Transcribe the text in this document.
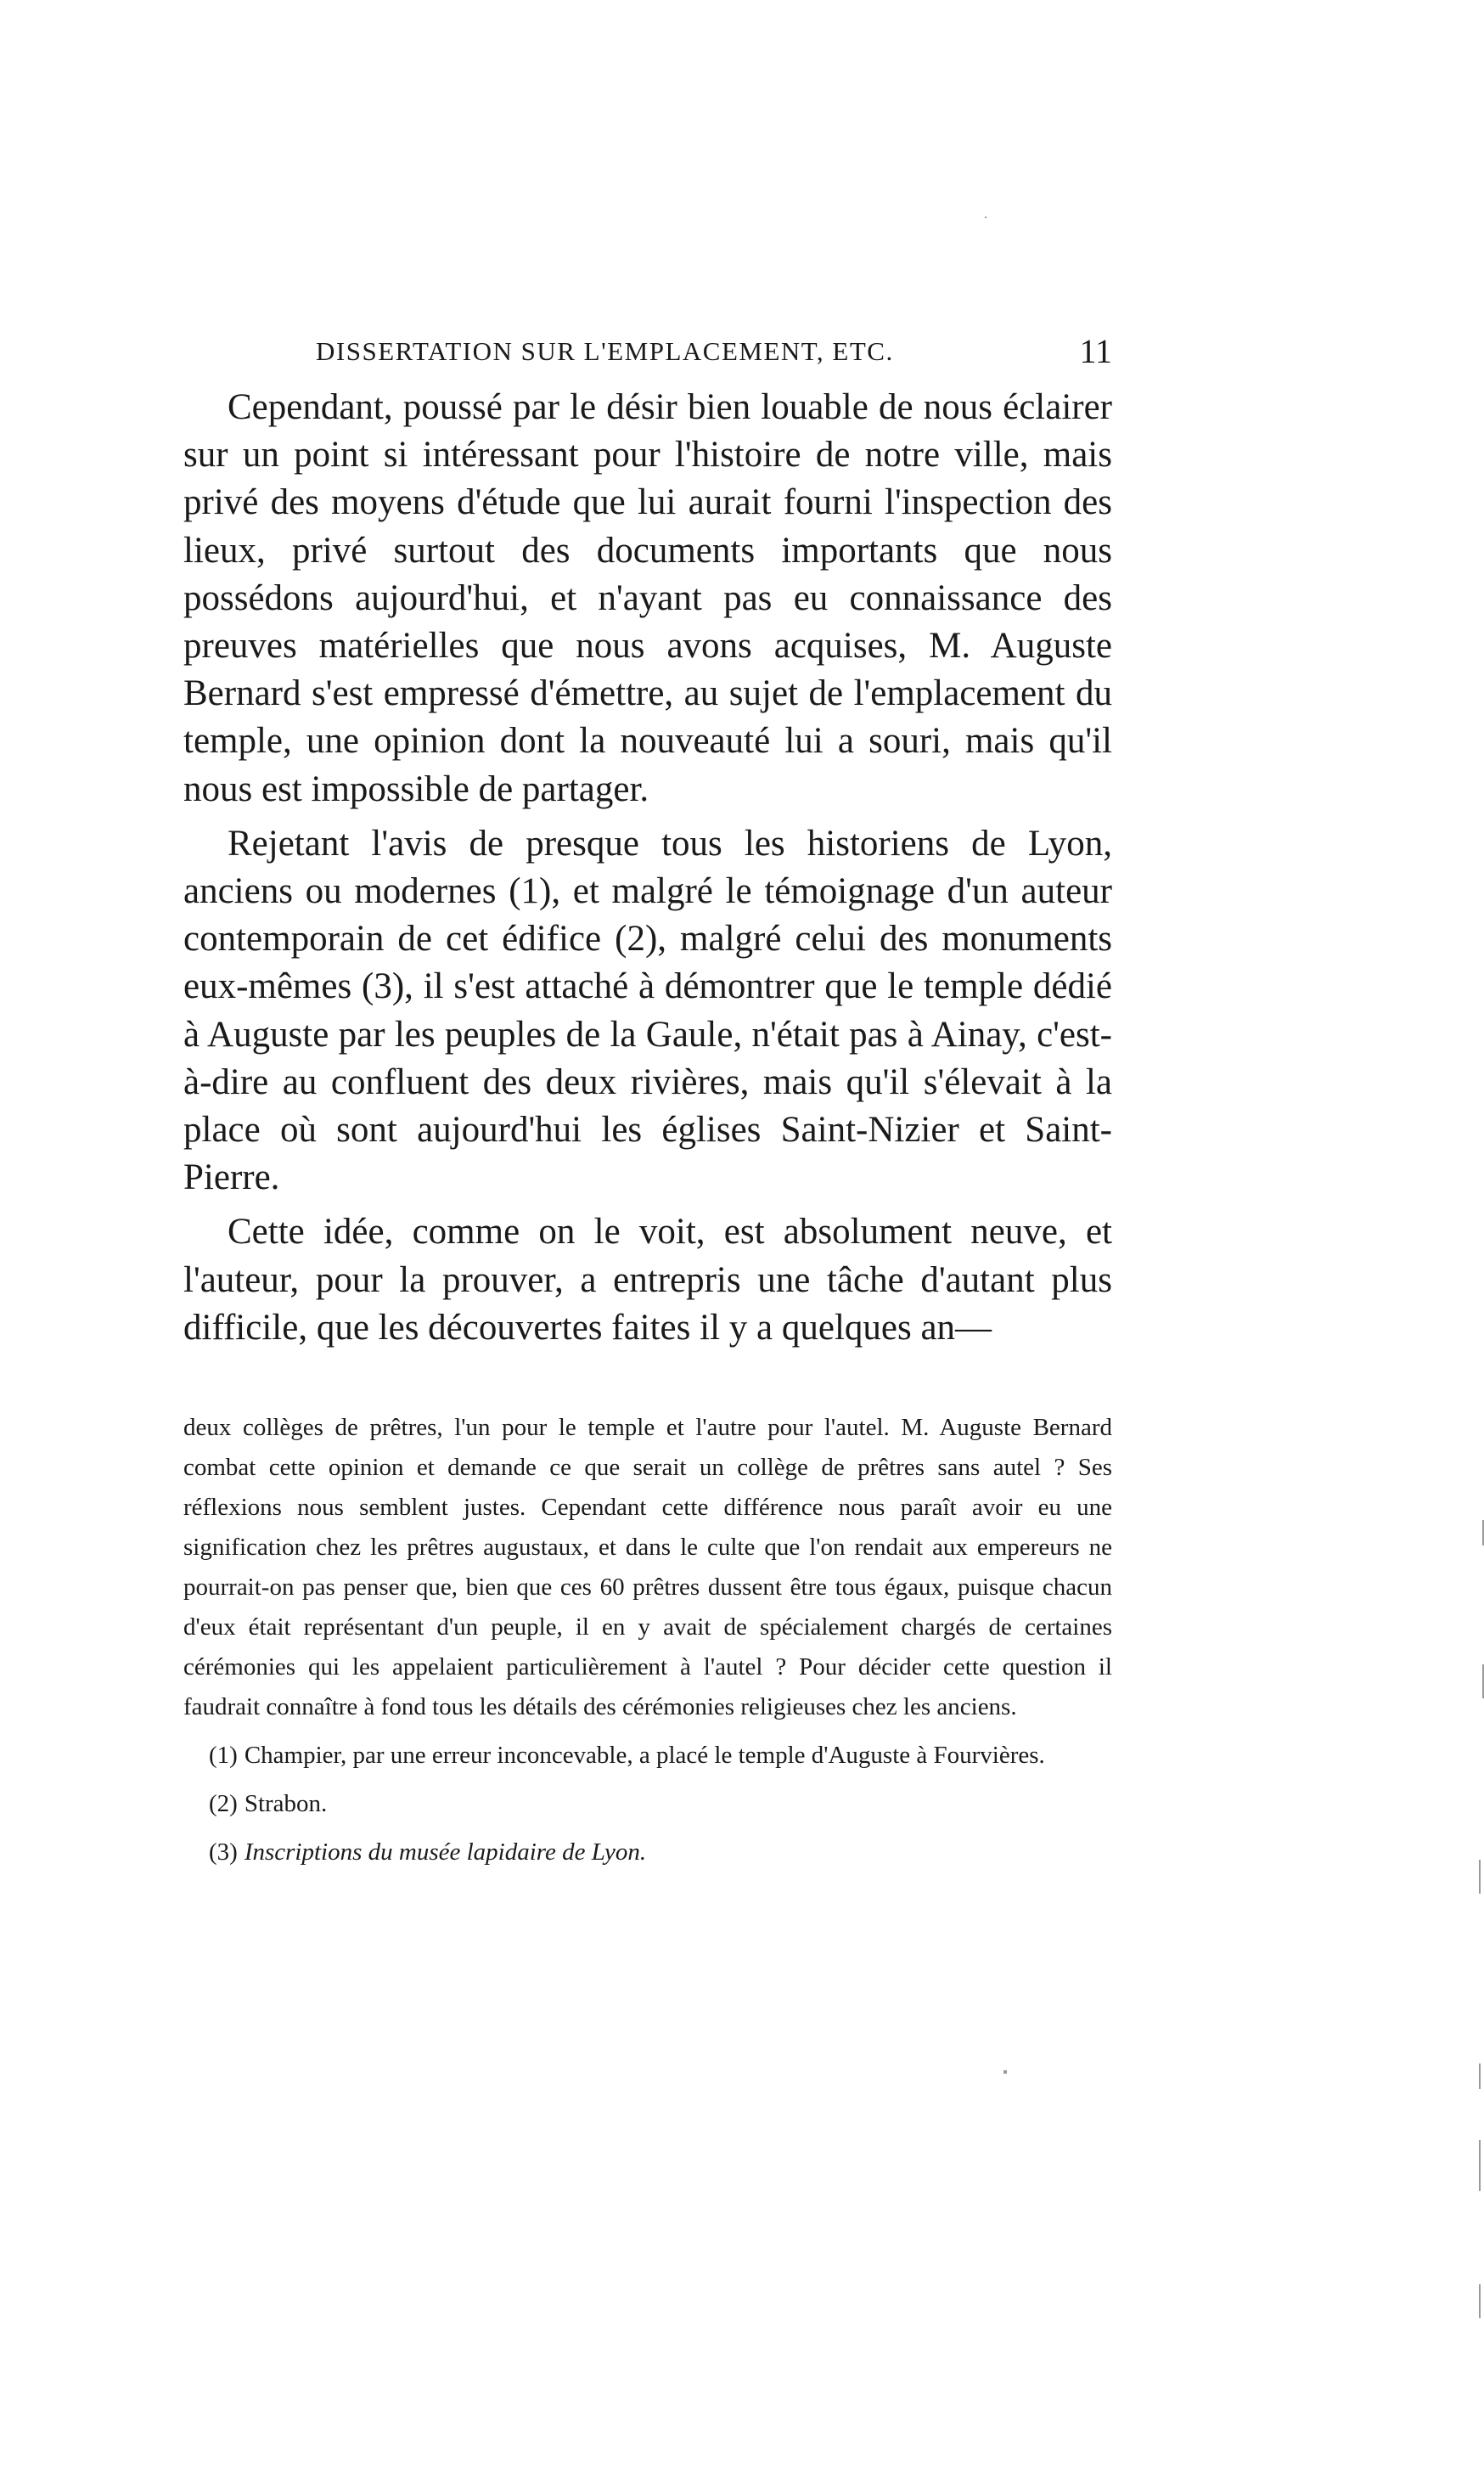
DISSERTATION SUR L'EMPLACEMENT, ETC.	11

Cependant, poussé par le désir bien louable de nous éclairer sur un point si intéressant pour l'histoire de notre ville, mais privé des moyens d'étude que lui aurait fourni l'inspection des lieux, privé surtout des documents importants que nous possédons aujourd'hui, et n'ayant pas eu connaissance des preuves matérielles que nous avons acquises, M. Auguste Bernard s'est empressé d'émettre, au sujet de l'emplacement du temple, une opinion dont la nouveauté lui a souri, mais qu'il nous est impossible de partager.

Rejetant l'avis de presque tous les historiens de Lyon, anciens ou modernes (1), et malgré le témoignage d'un auteur contemporain de cet édifice (2), malgré celui des monuments eux-mêmes (3), il s'est attaché à démontrer que le temple dédié à Auguste par les peuples de la Gaule, n'était pas à Ainay, c'est-à-dire au confluent des deux rivières, mais qu'il s'élevait à la place où sont aujourd'hui les églises Saint-Nizier et Saint-Pierre.

Cette idée, comme on le voit, est absolument neuve, et l'auteur, pour la prouver, a entrepris une tâche d'autant plus difficile, que les découvertes faites il y a quelques an—

deux collèges de prêtres, l'un pour le temple et l'autre pour l'autel. M. Auguste Bernard combat cette opinion et demande ce que serait un collège de prêtres sans autel ? Ses réflexions nous semblent justes. Cependant cette différence nous paraît avoir eu une signification chez les prêtres augustaux, et dans le culte que l'on rendait aux empereurs ne pourrait-on pas penser que, bien que ces 60 prêtres dussent être tous égaux, puisque chacun d'eux était représentant d'un peuple, il en y avait de spécialement chargés de certaines cérémonies qui les appelaient particulièrement à l'autel ? Pour décider cette question il faudrait connaître à fond tous les détails des cérémonies religieuses chez les anciens.

(1) Champier, par une erreur inconcevable, a placé le temple d'Auguste à Fourvières.

(2) Strabon.

(3) Inscriptions du musée lapidaire de Lyon.
